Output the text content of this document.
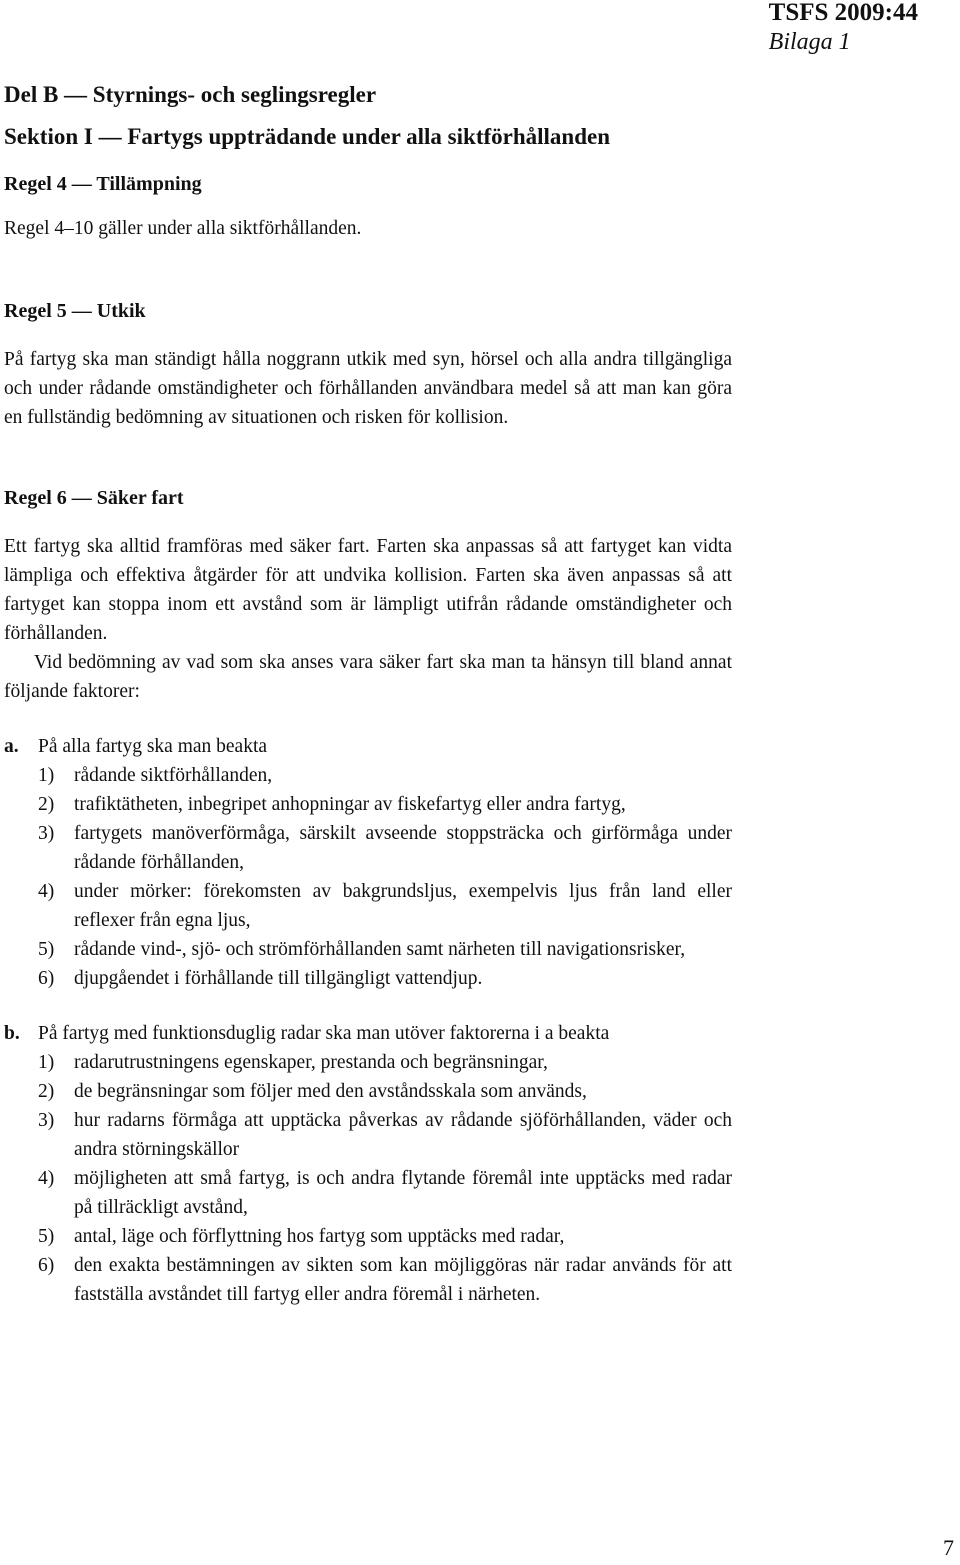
TSFS 2009:44
Bilaga 1
Del B — Styrnings- och seglingsregler
Sektion I — Fartygs uppträdande under alla siktförhållanden
Regel 4 — Tillämpning

Regel 4–10 gäller under alla siktförhållanden.

Regel 5 — Utkik

På fartyg ska man ständigt hålla noggrann utkik med syn, hörsel och alla andra tillgängliga och under rådande omständigheter och förhållanden användbara medel så att man kan göra en fullständig bedömning av situationen och risken för kollision.

Regel 6 — Säker fart

Ett fartyg ska alltid framföras med säker fart. Farten ska anpassas så att fartyget kan vidta lämpliga och effektiva åtgärder för att undvika kollision. Farten ska även anpassas så att fartyget kan stoppa inom ett avstånd som är lämpligt utifrån rådande omständigheter och förhållanden.

Vid bedömning av vad som ska anses vara säker fart ska man ta hänsyn till bland annat följande faktorer:

a. På alla fartyg ska man beakta
1)	rådande siktförhållanden,
2)	trafiktätheten, inbegripet anhopningar av fiskefartyg eller andra fartyg,
3)	fartygets manöverförmåga, särskilt avseende stoppsträcka och girförmåga under rådande förhållanden,
4)	under mörker: förekomsten av bakgrundsljus, exempelvis ljus från land eller reflexer från egna ljus,
5)	rådande vind-, sjö- och strömförhållanden samt närheten till navigationsrisker,
6)	djupgåendet i förhållande till tillgängligt vattendjup.
b. På fartyg med funktionsduglig radar ska man utöver faktorerna i a beakta
1)	radarutrustningens egenskaper, prestanda och begränsningar,
2)	de begränsningar som följer med den avståndsskala som används,
3)	hur radarns förmåga att upptäcka påverkas av rådande sjöförhållanden, väder och andra störningskällor
4)	möjligheten att små fartyg, is och andra flytande föremål inte upptäcks med radar på tillräckligt avstånd,
5)	antal, läge och förflyttning hos fartyg som upptäcks med radar,
6)	den exakta bestämningen av sikten som kan möjliggöras när radar används för att fastställa avståndet till fartyg eller andra föremål i närheten.
7
